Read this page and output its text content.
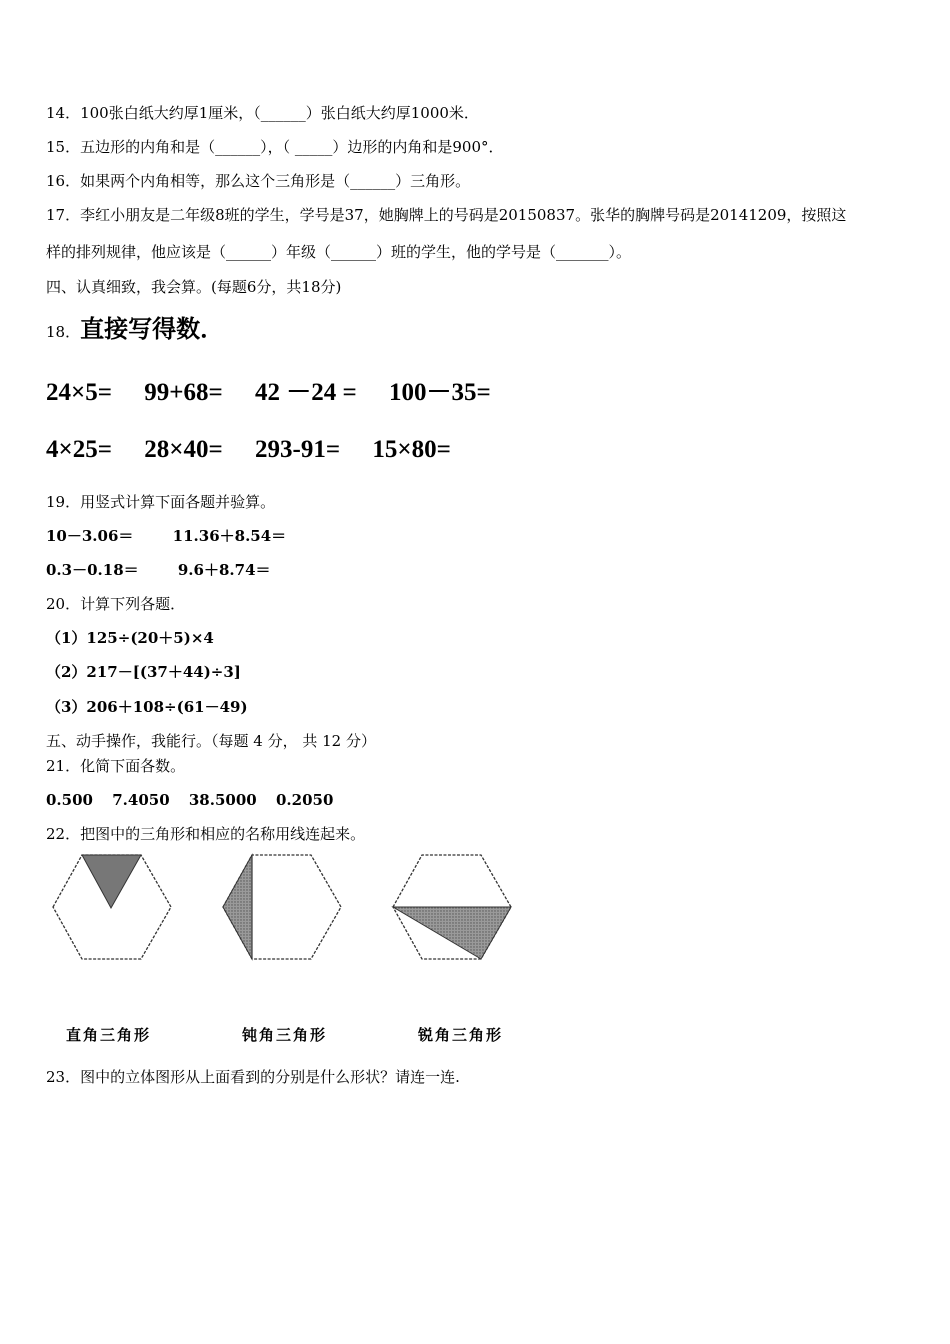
14．100张白纸大约厚1厘米，（______）张白纸大约厚1000米．
15．五边形的内角和是（______），（ _____）边形的内角和是900°．
16．如果两个内角相等，那么这个三角形是（______）三角形。
17．李红小朋友是二年级8班的学生，学号是37，她胸牌上的号码是20150837。张华的胸牌号码是20141209，按照这
样的排列规律，他应该是（______）年级（______）班的学生，他的学号是（_______）。
四、认真细致，我会算。(每题6分，共18分)
18．直接写得数．
24×5= 99+68= 42 －24 = 100－35=
4×25= 28×40= 293-91= 15×80=
19．用竖式计算下面各题并验算。
10－3.06＝	11.36＋8.54＝
0.3－0.18＝	9.6＋8.74＝
20．计算下列各题．
（1）125÷(20＋5)×4
（2）217－[(37＋44)÷3]
（3）206＋108÷(61－49)
五、动手操作，我能行。（每题 4 分， 共 12 分）
21．化简下面各数。
0.500 7.4050 38.5000 0.2050
22．把图中的三角形和相应的名称用线连起来。
直角三角形	钝角三角形	锐角三角形
23．图中的立体图形从上面看到的分别是什么形状？请连一连.
